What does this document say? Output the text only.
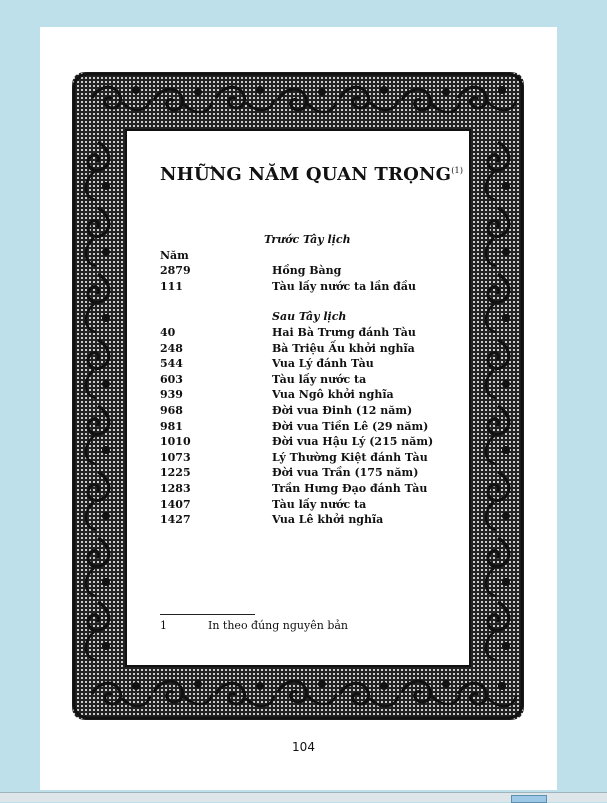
NHỮNG NĂM QUAN TRỌNG$^{(1)}$
Trước Tây lịch
Năm
2879	Hồng Bàng
111	Tàu lấy nước ta lần đầu
Sau Tây lịch
40	Hai Bà Trưng đánh Tàu
248	Bà Triệu Ấu khởi nghĩa
544	Vua Lý đánh Tàu
603	Tàu lấy nước ta
939	Vua Ngô khởi nghĩa
968	Đời vua Đinh (12 năm)
981	Đời vua Tiền Lê (29 năm)
1010	Đời vua Hậu Lý (215 năm)
1073	Lý Thường Kiệt đánh Tàu
1225	Đời vua Trần (175 năm)
1283	Trần Hưng Đạo đánh Tàu
1407	Tàu lấy nước ta
1427	Vua Lê khởi nghĩa
1	In theo đúng nguyên bản
104
